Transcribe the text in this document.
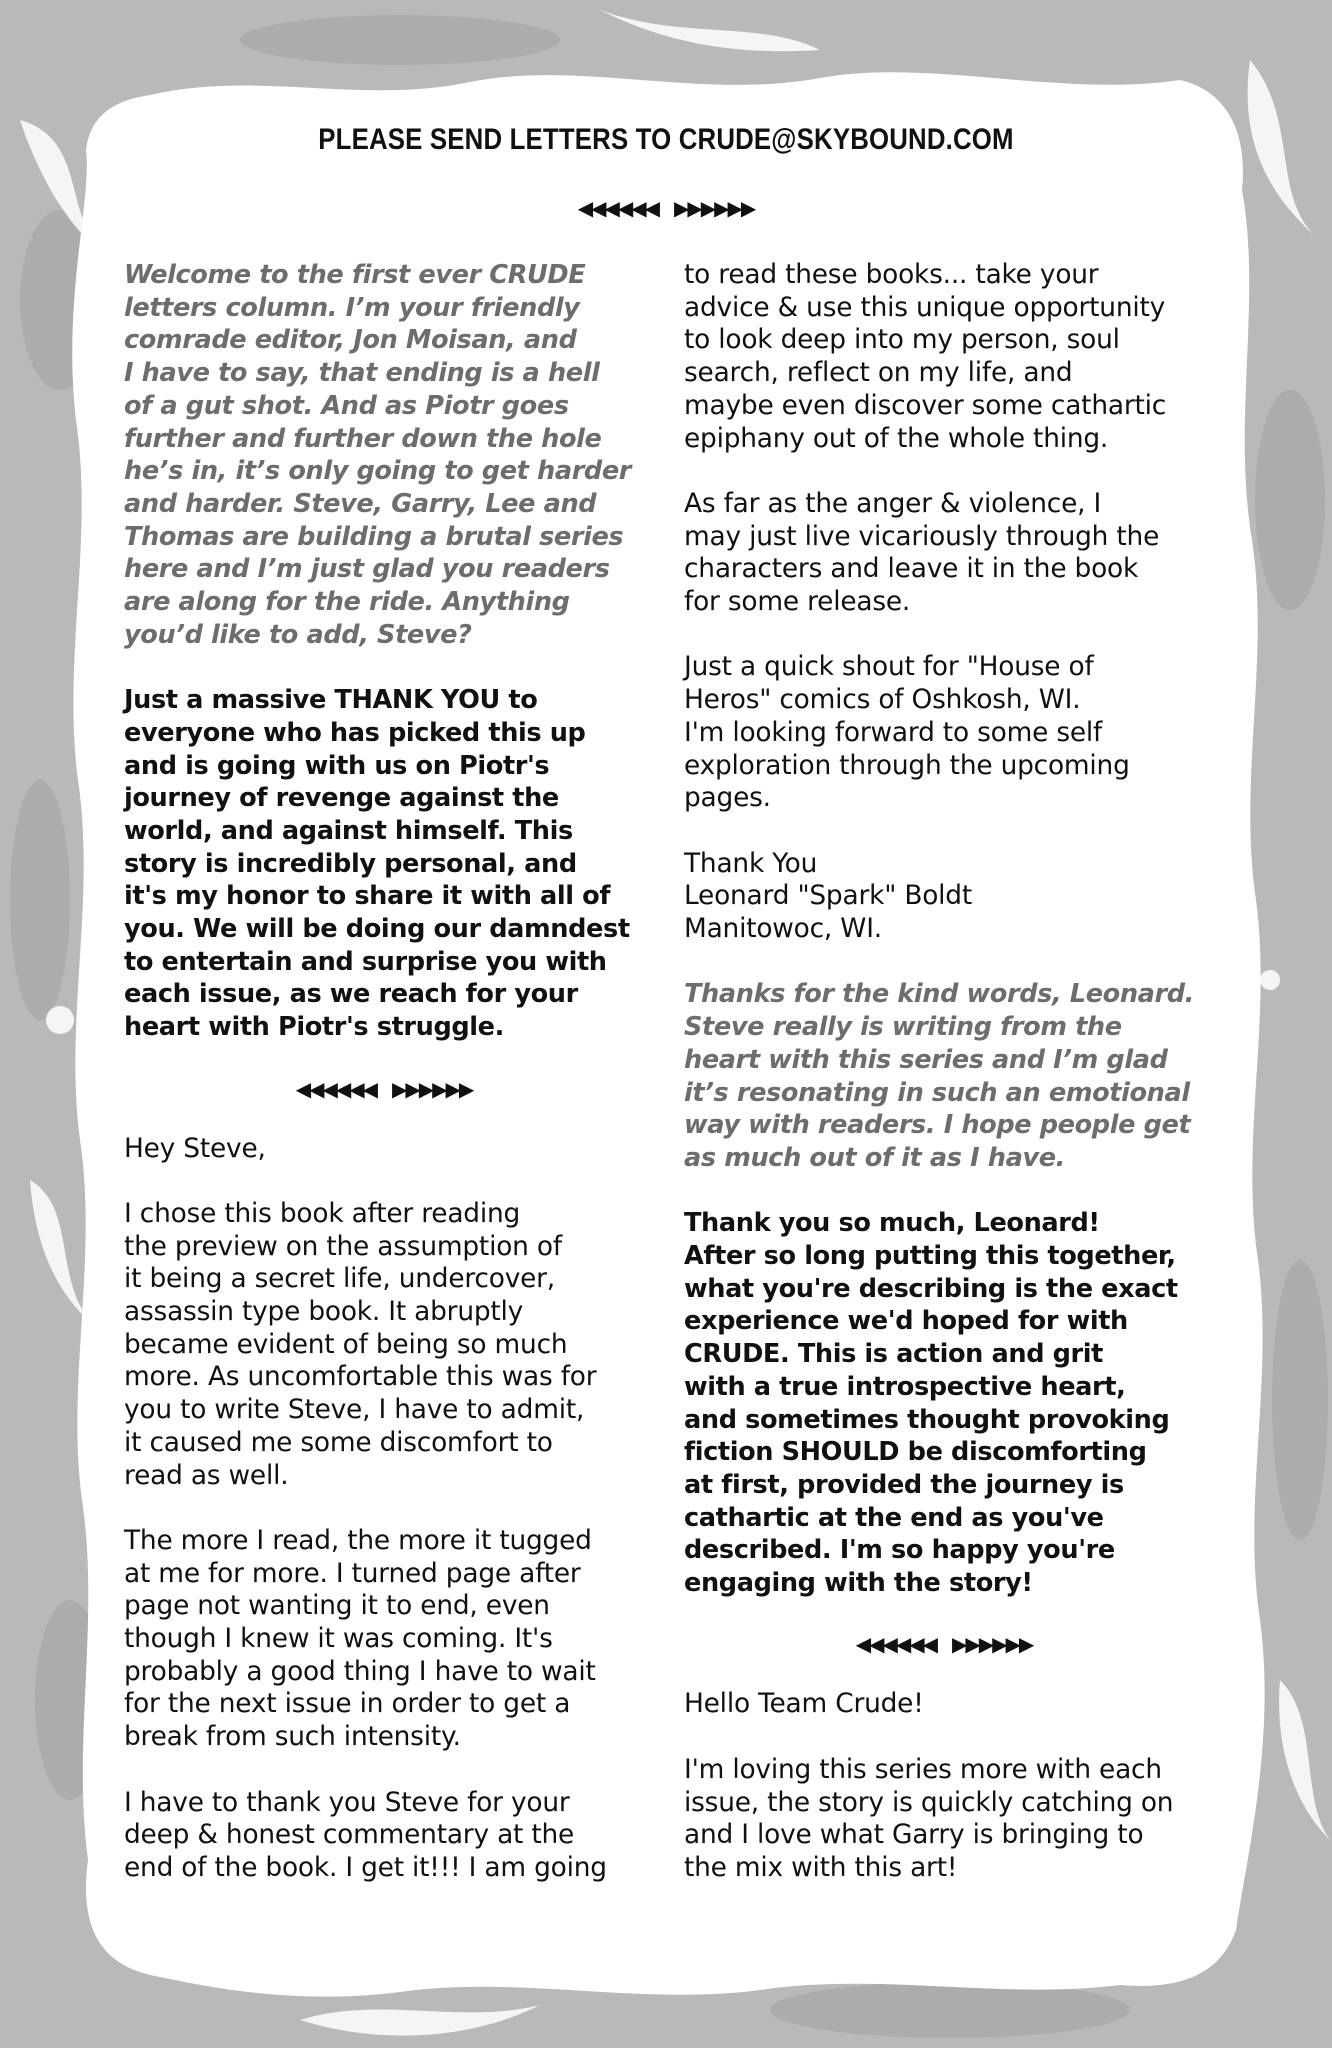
PLEASE SEND LETTERS TO CRUDE@SKYBOUND.COM
◀◀◀◀◀◀ ▶▶▶▶▶▶
Welcome to the first ever CRUDE
letters column. I’m your friendly
comrade editor, Jon Moisan, and
I have to say, that ending is a hell
of a gut shot. And as Piotr goes
further and further down the hole
he’s in, it’s only going to get harder
and harder. Steve, Garry, Lee and
Thomas are building a brutal series
here and I’m just glad you readers
are along for the ride. Anything
you’d like to add, Steve?
Just a massive THANK YOU to
everyone who has picked this up
and is going with us on Piotr's
journey of revenge against the
world, and against himself. This
story is incredibly personal, and
it's my honor to share it with all of
you. We will be doing our damndest
to entertain and surprise you with
each issue, as we reach for your
heart with Piotr's struggle.
◀◀◀◀◀◀ ▶▶▶▶▶▶
Hey Steve,
I chose this book after reading
the preview on the assumption of
it being a secret life, undercover,
assassin type book. It abruptly
became evident of being so much
more. As uncomfortable this was for
you to write Steve, I have to admit,
it caused me some discomfort to
read as well.
The more I read, the more it tugged
at me for more. I turned page after
page not wanting it to end, even
though I knew it was coming. It's
probably a good thing I have to wait
for the next issue in order to get a
break from such intensity.
I have to thank you Steve for your
deep & honest commentary at the
end of the book. I get it!!! I am going
to read these books... take your
advice & use this unique opportunity
to look deep into my person, soul
search, reflect on my life, and
maybe even discover some cathartic
epiphany out of the whole thing.
As far as the anger & violence, I
may just live vicariously through the
characters and leave it in the book
for some release.
Just a quick shout for "House of
Heros" comics of Oshkosh, WI.
I'm looking forward to some self
exploration through the upcoming
pages.
Thank You
Leonard "Spark" Boldt
Manitowoc, WI.
Thanks for the kind words, Leonard.
Steve really is writing from the
heart with this series and I’m glad
it’s resonating in such an emotional
way with readers. I hope people get
as much out of it as I have.
Thank you so much, Leonard!
After so long putting this together,
what you're describing is the exact
experience we'd hoped for with
CRUDE. This is action and grit
with a true introspective heart,
and sometimes thought provoking
fiction SHOULD be discomforting
at first, provided the journey is
cathartic at the end as you've
described. I'm so happy you're
engaging with the story!
◀◀◀◀◀◀ ▶▶▶▶▶▶
Hello Team Crude!
I'm loving this series more with each
issue, the story is quickly catching on
and I love what Garry is bringing to
the mix with this art!
